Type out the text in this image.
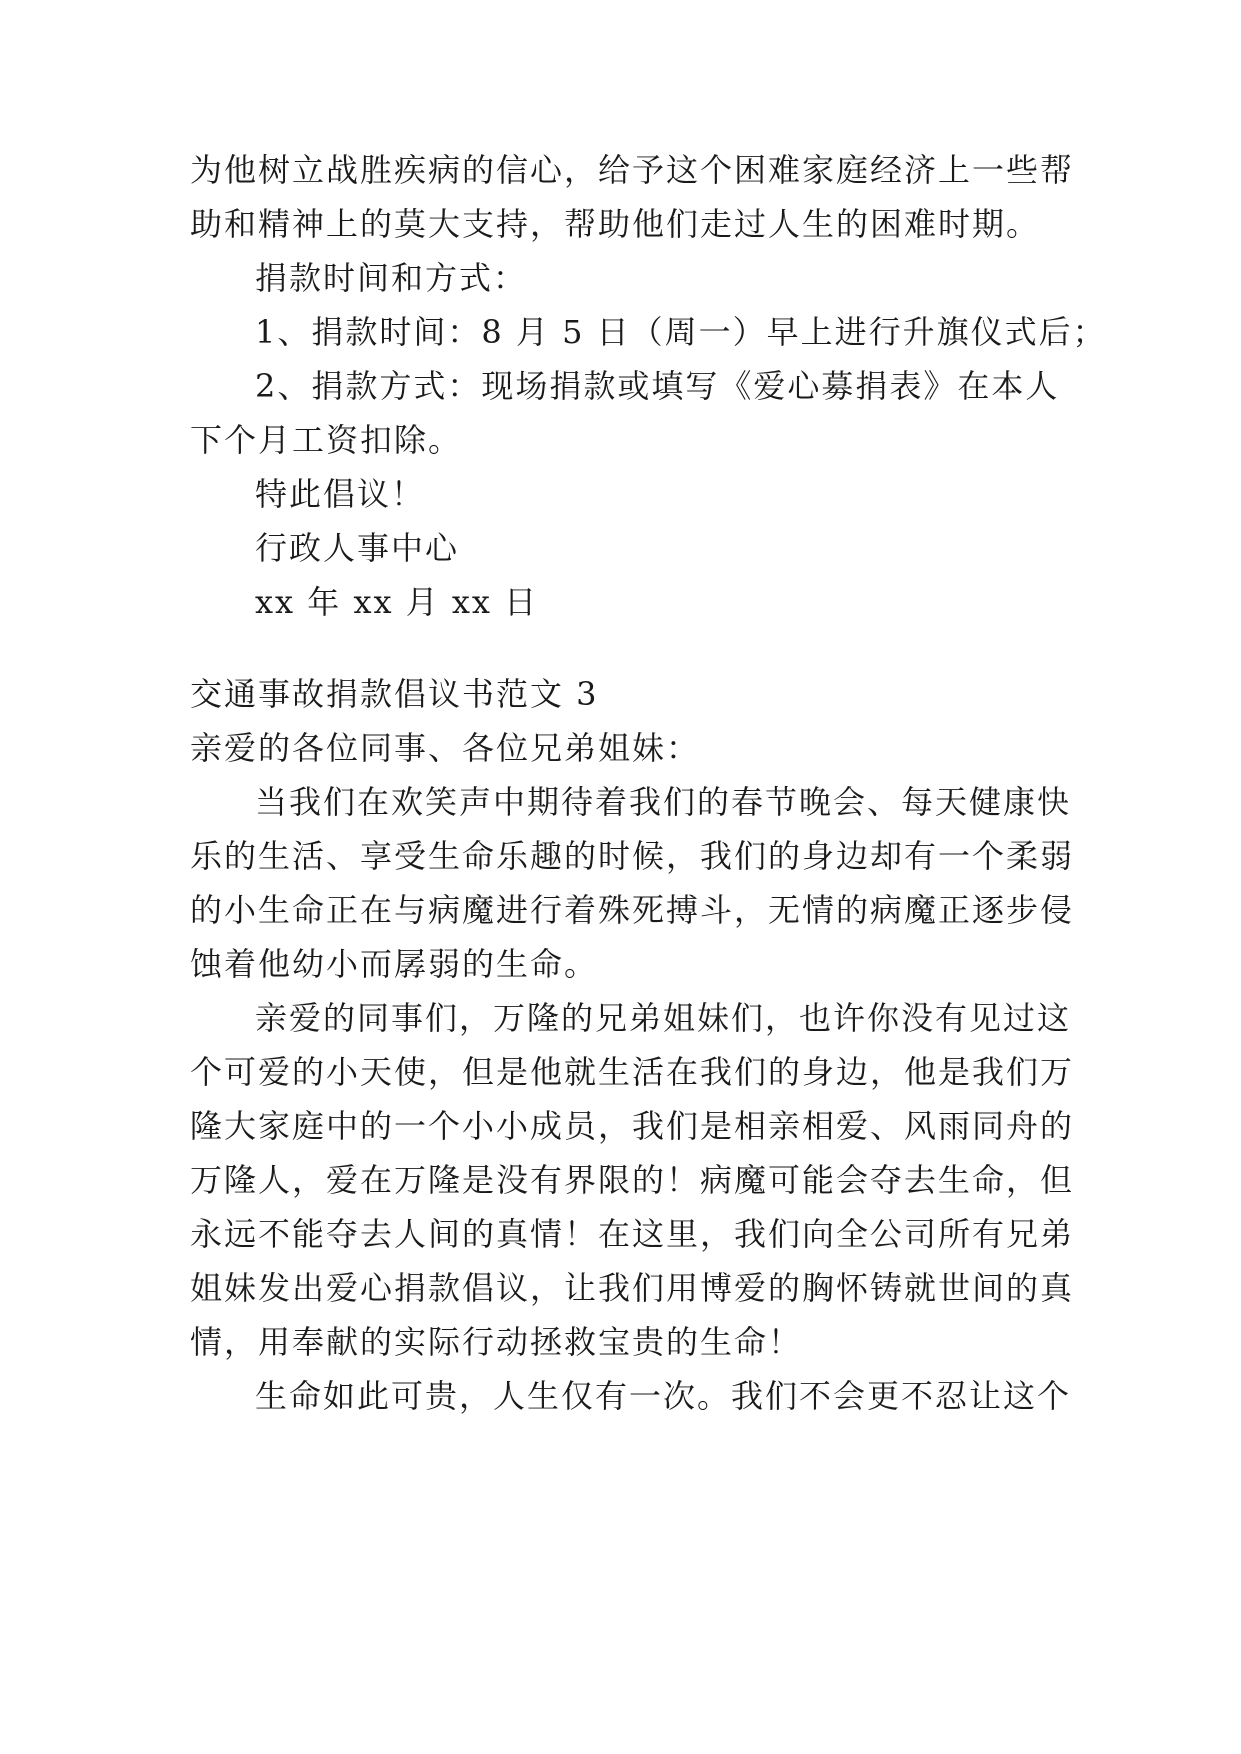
为他树立战胜疾病的信心，给予这个困难家庭经济上一些帮
助和精神上的莫大支持，帮助他们走过人生的困难时期。
捐款时间和方式：
1、捐款时间：8 月 5 日（周一）早上进行升旗仪式后；
2、捐款方式：现场捐款或填写《爱心募捐表》在本人
下个月工资扣除。
特此倡议！
行政人事中心
xx 年 xx 月 xx 日
交通事故捐款倡议书范文 3
亲爱的各位同事、各位兄弟姐妹：
当我们在欢笑声中期待着我们的春节晚会、每天健康快
乐的生活、享受生命乐趣的时候，我们的身边却有一个柔弱
的小生命正在与病魔进行着殊死搏斗，无情的病魔正逐步侵
蚀着他幼小而孱弱的生命。
亲爱的同事们，万隆的兄弟姐妹们，也许你没有见过这
个可爱的小天使，但是他就生活在我们的身边，他是我们万
隆大家庭中的一个小小成员，我们是相亲相爱、风雨同舟的
万隆人，爱在万隆是没有界限的！病魔可能会夺去生命，但
永远不能夺去人间的真情！在这里，我们向全公司所有兄弟
姐妹发出爱心捐款倡议，让我们用博爱的胸怀铸就世间的真
情，用奉献的实际行动拯救宝贵的生命！
生命如此可贵，人生仅有一次。我们不会更不忍让这个
